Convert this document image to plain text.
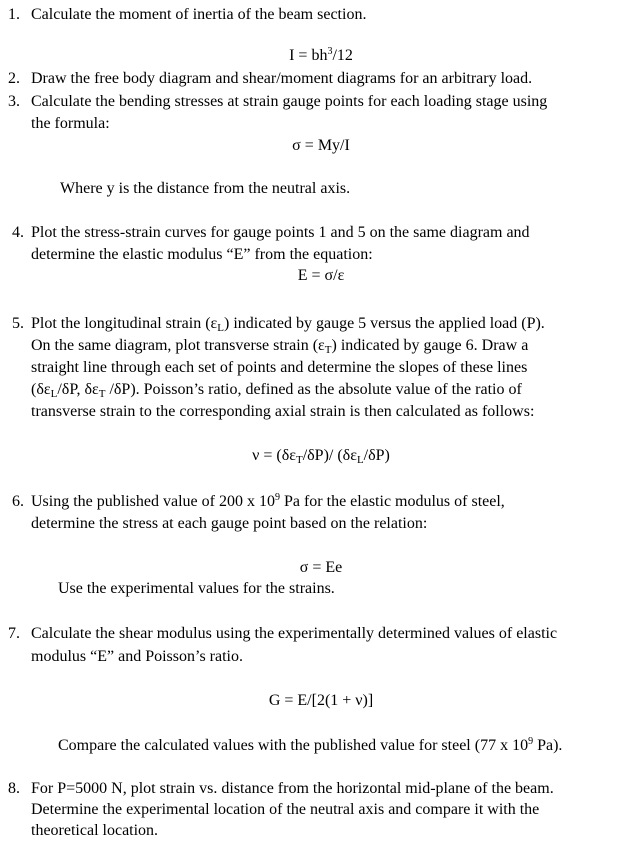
1. Calculate the moment of inertia of the beam section.
$I = bh^3/12$
2. Draw the free body diagram and shear/moment diagrams for an arbitrary load.
3. Calculate the bending stresses at strain gauge points for each loading stage using
the formula:
σ = My/I
Where y is the distance from the neutral axis.
4. Plot the stress-strain curves for gauge points 1 and 5 on the same diagram and
determine the elastic modulus “E” from the equation:
E = σ/ε
5. Plot the longitudinal strain $(\varepsilon_L)$ indicated by gauge 5 versus the applied load (P).
On the same diagram, plot transverse strain $(\varepsilon_T)$ indicated by gauge 6. Draw a
straight line through each set of points and determine the slopes of these lines
($\delta\varepsilon_L/\delta P$, $\delta\varepsilon_T$ /δP). Poisson’s ratio, defined as the absolute value of the ratio of
transverse strain to the corresponding axial strain is then calculated as follows:
$\nu = (\delta\varepsilon_T/\delta P)/$ $(\delta\varepsilon_L/\delta P)$
6. Using the published value of 200 x $10^9$ Pa for the elastic modulus of steel,
determine the stress at each gauge point based on the relation:
σ = Ee
Use the experimental values for the strains.
7. Calculate the shear modulus using the experimentally determined values of elastic
modulus “E” and Poisson’s ratio.
G = E/[2(1 + ν)]
Compare the calculated values with the published value for steel (77 x $10^9$ Pa).
8. For P=5000 N, plot strain vs. distance from the horizontal mid-plane of the beam.
Determine the experimental location of the neutral axis and compare it with the
theoretical location.
